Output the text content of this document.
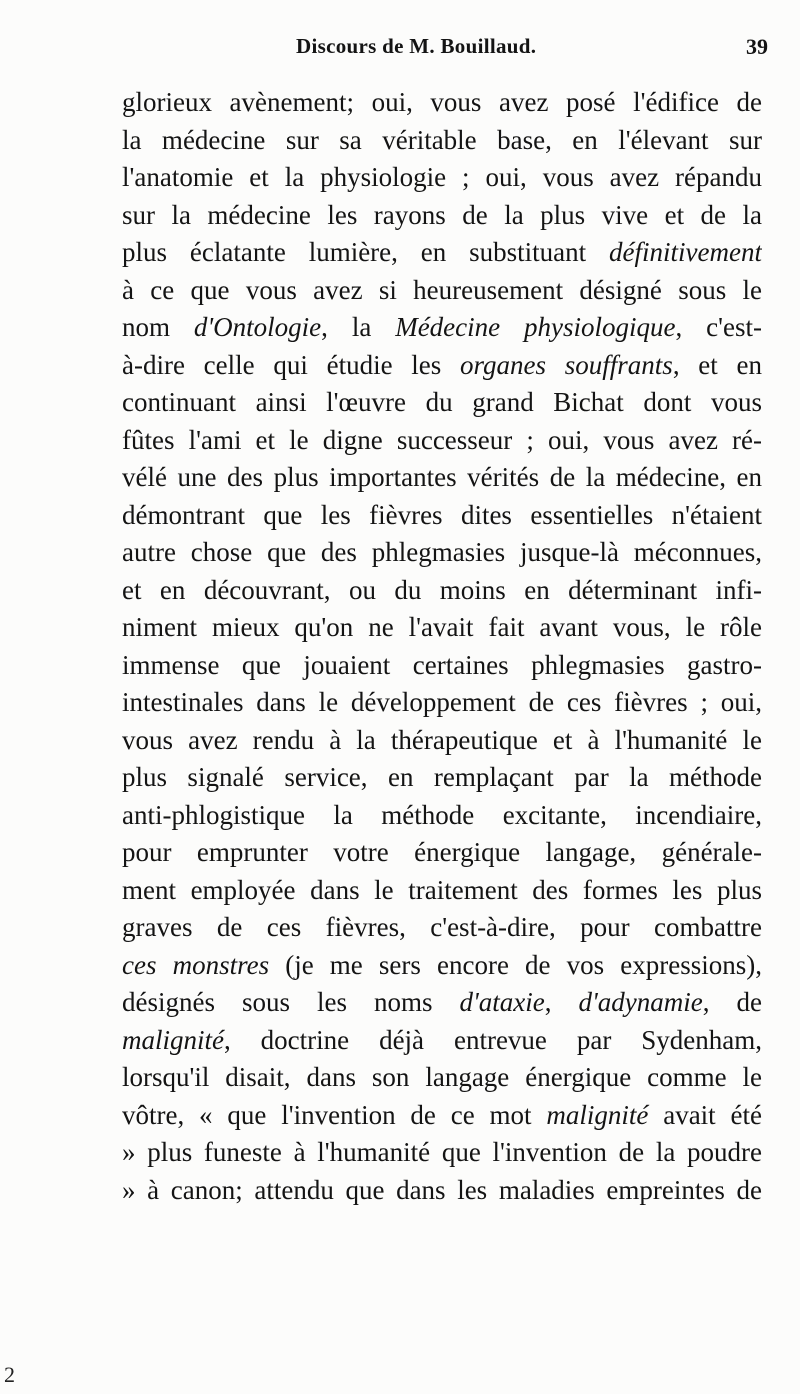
Discours de M. Bouillaud.	39
glorieux avènement; oui, vous avez posé l'édifice de
la médecine sur sa véritable base, en l'élevant sur
l'anatomie et la physiologie ; oui, vous avez répandu
sur la médecine les rayons de la plus vive et de la
plus éclatante lumière, en substituant définitivement
à ce que vous avez si heureusement désigné sous le
nom d'Ontologie, la Médecine physiologique, c'est-
à-dire celle qui étudie les organes souffrants, et en
continuant ainsi l'œuvre du grand Bichat dont vous
fûtes l'ami et le digne successeur ; oui, vous avez ré-
vélé une des plus importantes vérités de la médecine, en
démontrant que les fièvres dites essentielles n'étaient
autre chose que des phlegmasies jusque-là méconnues,
et en découvrant, ou du moins en déterminant infi-
niment mieux qu'on ne l'avait fait avant vous, le rôle
immense que jouaient certaines phlegmasies gastro-
intestinales dans le développement de ces fièvres ; oui,
vous avez rendu à la thérapeutique et à l'humanité le
plus signalé service, en remplaçant par la méthode
anti-phlogistique la méthode excitante, incendiaire,
pour emprunter votre énergique langage, générale-
ment employée dans le traitement des formes les plus
graves de ces fièvres, c'est-à-dire, pour combattre
ces monstres (je me sers encore de vos expressions),
désignés sous les noms d'ataxie, d'adynamie, de
malignité, doctrine déjà entrevue par Sydenham,
lorsqu'il disait, dans son langage énergique comme le
vôtre, « que l'invention de ce mot malignité avait été
» plus funeste à l'humanité que l'invention de la poudre
» à canon; attendu que dans les maladies empreintes de
2
